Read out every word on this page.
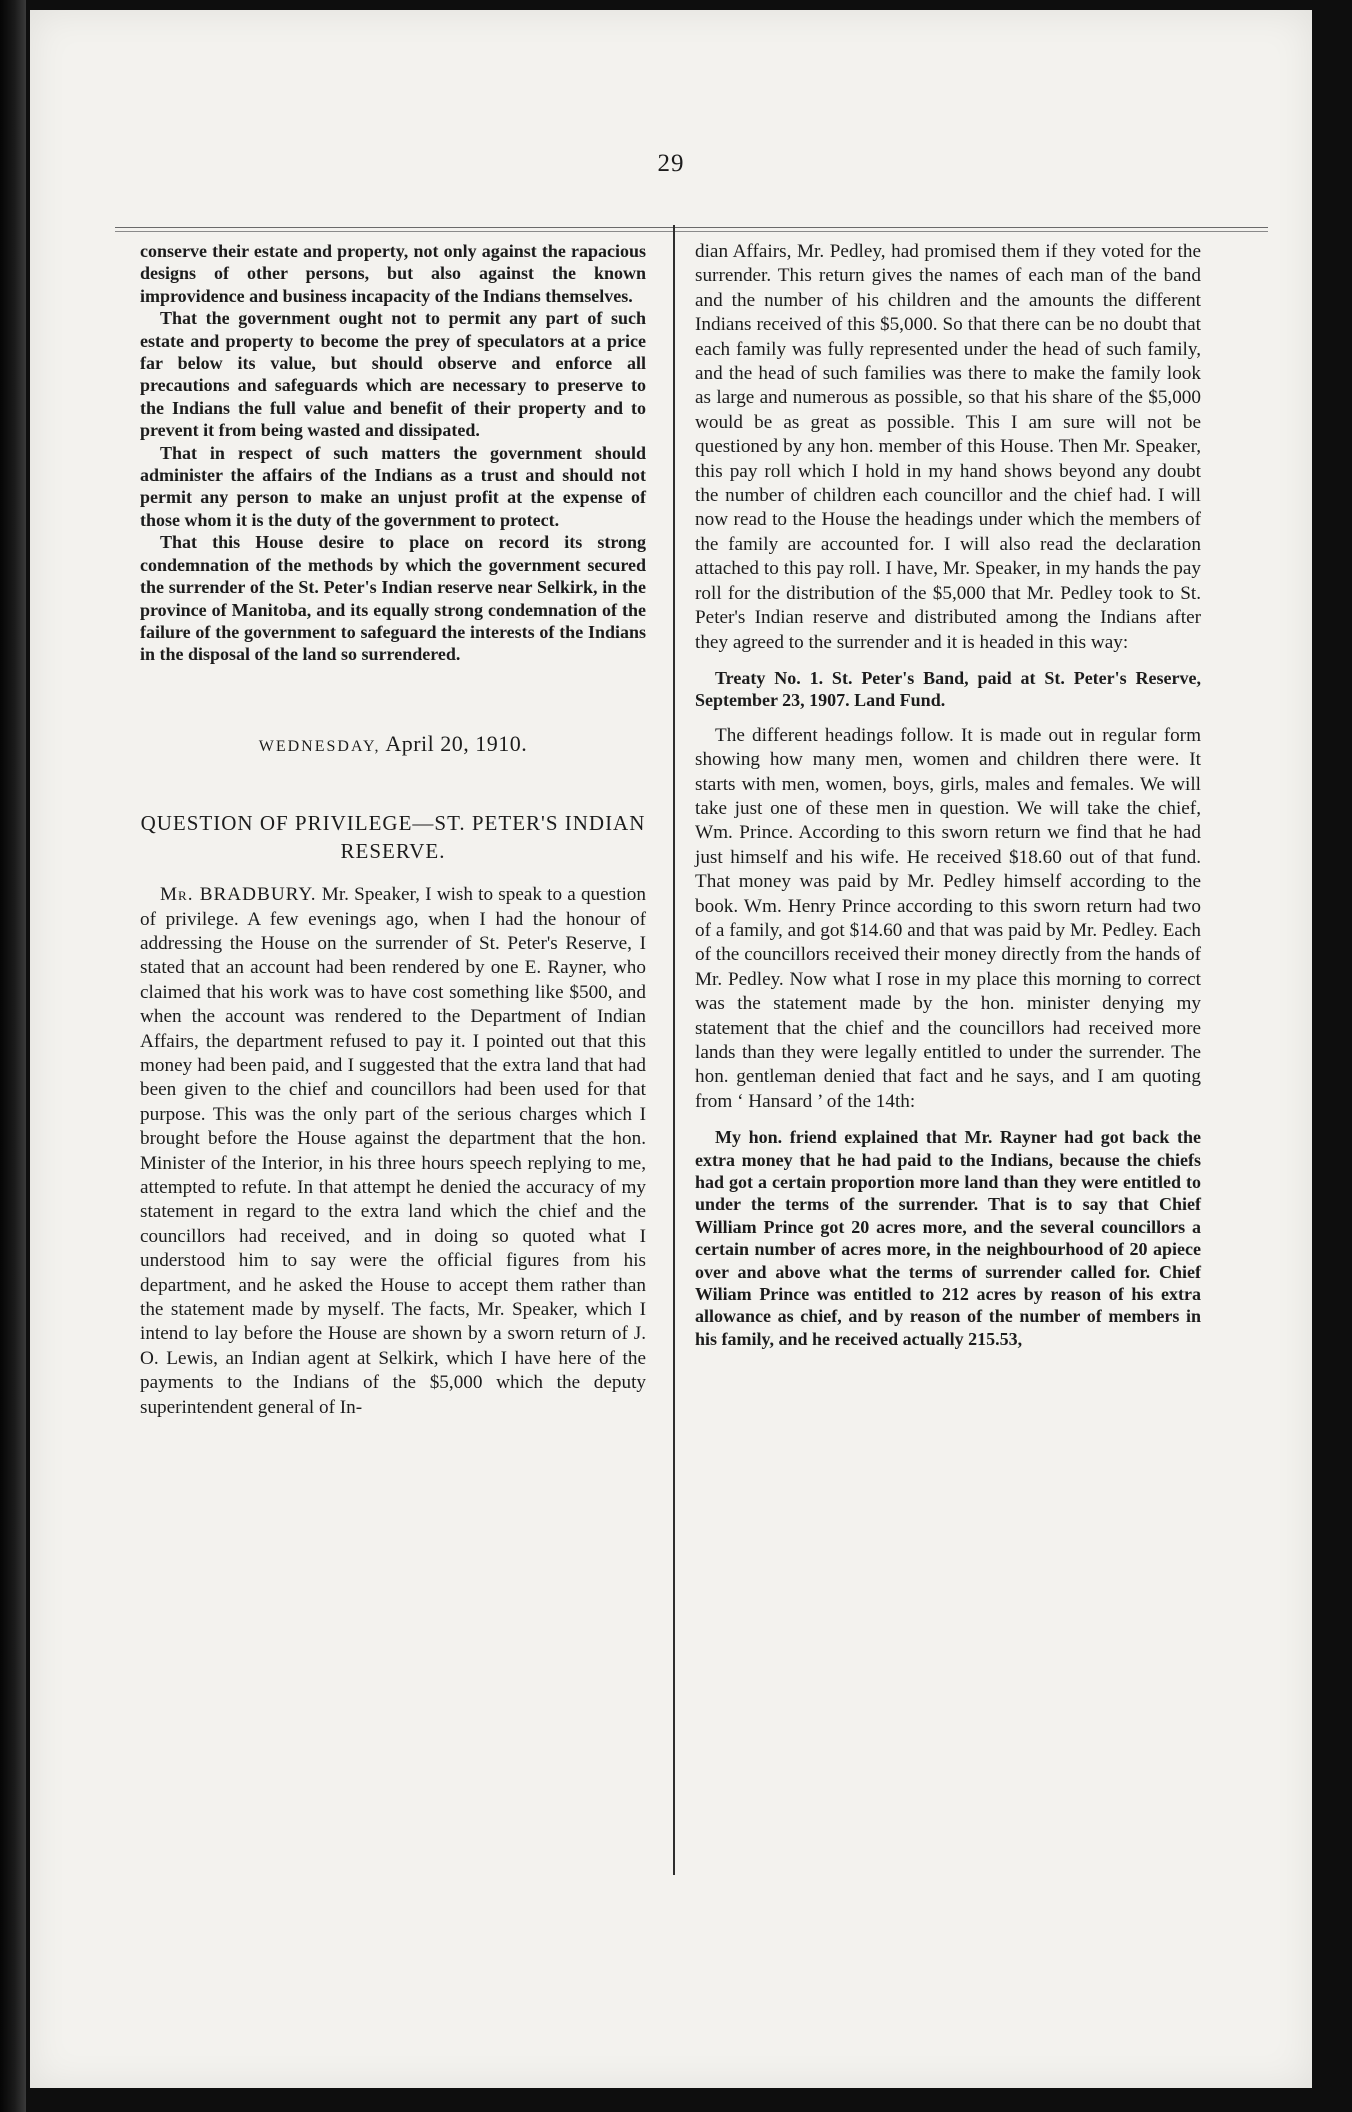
29

conserve their estate and property, not only against the rapacious designs of other persons, but also against the known improvidence and business incapacity of the Indians themselves.

That the government ought not to permit any part of such estate and property to become the prey of speculators at a price far below its value, but should observe and enforce all precautions and safeguards which are necessary to preserve to the Indians the full value and benefit of their property and to prevent it from being wasted and dissipated.

That in respect of such matters the government should administer the affairs of the Indians as a trust and should not permit any person to make an unjust profit at the expense of those whom it is the duty of the government to protect.

That this House desire to place on record its strong condemnation of the methods by which the government secured the surrender of the St. Peter's Indian reserve near Selkirk, in the province of Manitoba, and its equally strong condemnation of the failure of the government to safeguard the interests of the Indians in the disposal of the land so surrendered.

WEDNESDAY, April 20, 1910.

QUESTION OF PRIVILEGE—ST. PETER'S INDIAN RESERVE.

Mr. BRADBURY. Mr. Speaker, I wish to speak to a question of privilege. A few evenings ago, when I had the honour of addressing the House on the surrender of St. Peter's Reserve, I stated that an account had been rendered by one E. Rayner, who claimed that his work was to have cost something like $500, and when the account was rendered to the Department of Indian Affairs, the department refused to pay it. I pointed out that this money had been paid, and I suggested that the extra land that had been given to the chief and councillors had been used for that purpose. This was the only part of the serious charges which I brought before the House against the department that the hon. Minister of the Interior, in his three hours speech replying to me, attempted to refute. In that attempt he denied the accuracy of my statement in regard to the extra land which the chief and the councillors had received, and in doing so quoted what I understood him to say were the official figures from his department, and he asked the House to accept them rather than the statement made by myself. The facts, Mr. Speaker, which I intend to lay before the House are shown by a sworn return of J. O. Lewis, an Indian agent at Selkirk, which I have here of the payments to the Indians of the $5,000 which the deputy superintendent general of In-

dian Affairs, Mr. Pedley, had promised them if they voted for the surrender. This return gives the names of each man of the band and the number of his children and the amounts the different Indians received of this $5,000. So that there can be no doubt that each family was fully represented under the head of such family, and the head of such families was there to make the family look as large and numerous as possible, so that his share of the $5,000 would be as great as possible. This I am sure will not be questioned by any hon. member of this House. Then Mr. Speaker, this pay roll which I hold in my hand shows beyond any doubt the number of children each councillor and the chief had. I will now read to the House the headings under which the members of the family are accounted for. I will also read the declaration attached to this pay roll. I have, Mr. Speaker, in my hands the pay roll for the distribution of the $5,000 that Mr. Pedley took to St. Peter's Indian reserve and distributed among the Indians after they agreed to the surrender and it is headed in this way:

Treaty No. 1. St. Peter's Band, paid at St. Peter's Reserve, September 23, 1907. Land Fund.

The different headings follow. It is made out in regular form showing how many men, women and children there were. It starts with men, women, boys, girls, males and females. We will take just one of these men in question. We will take the chief, Wm. Prince. According to this sworn return we find that he had just himself and his wife. He received $18.60 out of that fund. That money was paid by Mr. Pedley himself according to the book. Wm. Henry Prince according to this sworn return had two of a family, and got $14.60 and that was paid by Mr. Pedley. Each of the councillors received their money directly from the hands of Mr. Pedley. Now what I rose in my place this morning to correct was the statement made by the hon. minister denying my statement that the chief and the councillors had received more lands than they were legally entitled to under the surrender. The hon. gentleman denied that fact and he says, and I am quoting from ‘ Hansard ’ of the 14th:

My hon. friend explained that Mr. Rayner had got back the extra money that he had paid to the Indians, because the chiefs had got a certain proportion more land than they were entitled to under the terms of the surrender. That is to say that Chief William Prince got 20 acres more, and the several councillors a certain number of acres more, in the neighbourhood of 20 apiece over and above what the terms of surrender called for. Chief Wiliam Prince was entitled to 212 acres by reason of his extra allowance as chief, and by reason of the number of members in his family, and he received actually 215.53,
